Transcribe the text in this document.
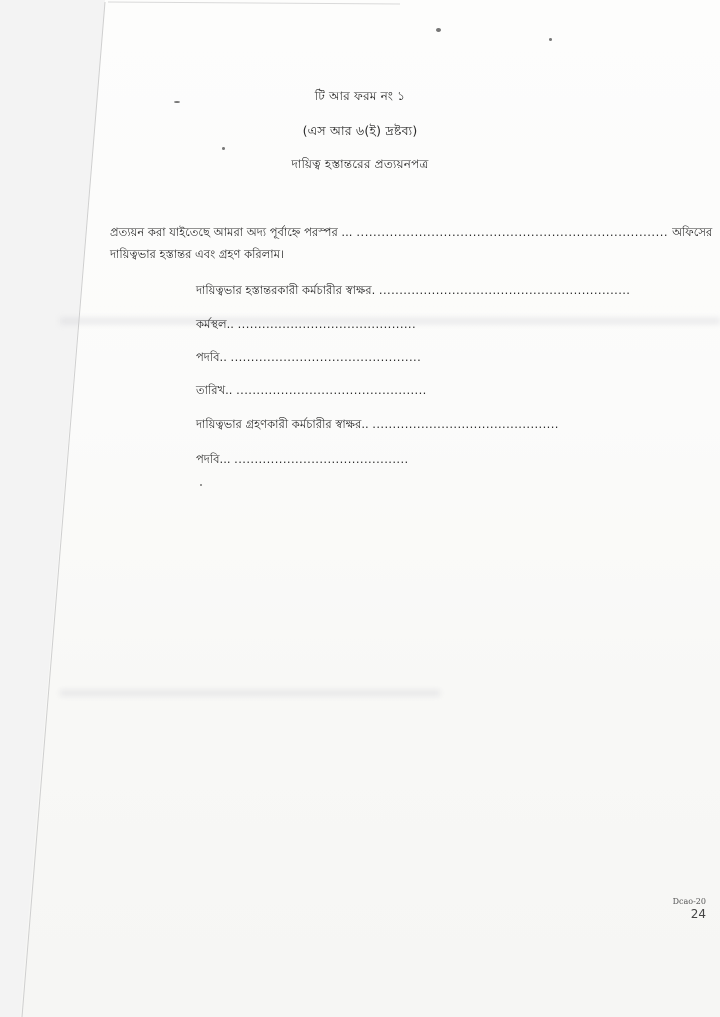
টি আর ফরম নং ১
(এস আর ৬(ই) দ্রষ্টব্য)
দায়িত্ব হস্তান্তরের প্রত্যয়নপত্র
প্রত্যয়ন করা যাইতেছে আমরা অদ্য পূর্বাহ্নে পরস্পর ... ........................................................................... অফিসের
দায়িত্বভার হস্তান্তর এবং গ্রহণ করিলাম।
দায়িত্বভার হস্তান্তরকারী কর্মচারীর স্বাক্ষর. ..............................................................
কর্মস্থল.. ............................................
পদবি.. ...............................................
তারিখ.. ...............................................
দায়িত্বভার গ্রহণকারী কর্মচারীর স্বাক্ষর.. ..............................................
পদবি... ...........................................
Dcao-20
24
